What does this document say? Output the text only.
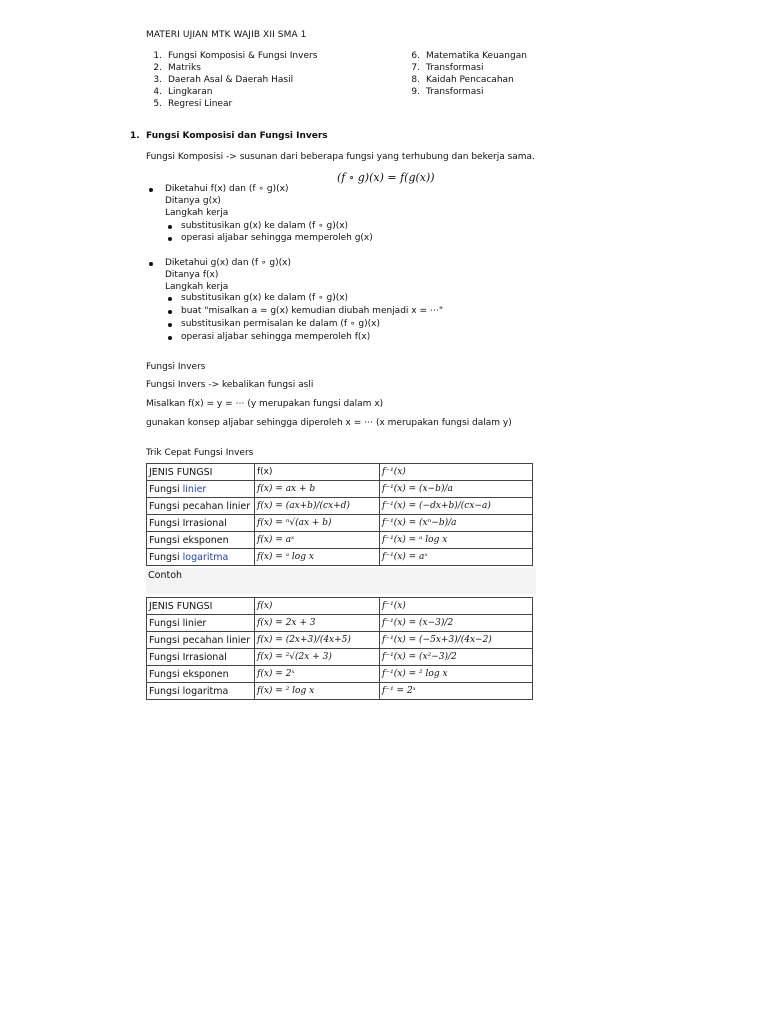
MATERI UJIAN MTK WAJIB XII SMA 1
1. Fungsi Komposisi & Fungsi Invers
2. Matriks
3. Daerah Asal & Daerah Hasil
4. Lingkaran
5. Regresi Linear
6. Matematika Keuangan
7. Transformasi
8. Kaidah Pencacahan
9. Transformasi
1. Fungsi Komposisi dan Fungsi Invers
Fungsi Komposisi -> susunan dari beberapa fungsi yang terhubung dan bekerja sama.
(f ∘ g)(x) = f(g(x))
Diketahui f(x) dan (f ∘ g)(x)
Ditanya g(x)
Langkah kerja
substitusikan g(x) ke dalam (f ∘ g)(x)
operasi aljabar sehingga memperoleh g(x)
Diketahui g(x) dan (f ∘ g)(x)
Ditanya f(x)
Langkah kerja
substitusikan g(x) ke dalam (f ∘ g)(x)
buat "misalkan a = g(x) kemudian diubah menjadi x = ⋯"
substitusikan permisalan ke dalam (f ∘ g)(x)
operasi aljabar sehingga memperoleh f(x)
Fungsi Invers
Fungsi Invers -> kebalikan fungsi asli
Misalkan f(x) = y = ⋯ (y merupakan fungsi dalam x)
gunakan konsep aljabar sehingga diperoleh x = ⋯ (x merupakan fungsi dalam y)
Trik Cepat Fungsi Invers
JENIS FUNGSI	f(x)	f⁻¹(x)
Fungsi linier	f(x) = ax + b	f⁻¹(x) = (x−b)/a
Fungsi pecahan linier	f(x) = (ax+b)/(cx+d)	f⁻¹(x) = (−dx+b)/(cx−a)
Fungsi Irrasional	f(x) = ⁿ√(ax + b)	f⁻¹(x) = (xⁿ−b)/a
Fungsi eksponen	f(x) = aˣ	f⁻¹(x) = ᵃ log x
Fungsi logaritma	f(x) = ᵃ log x	f⁻¹(x) = aˣ
Contoh
JENIS FUNGSI	f(x)	f⁻¹(x)
Fungsi linier	f(x) = 2x + 3	f⁻¹(x) = (x−3)/2
Fungsi pecahan linier	f(x) = (2x+3)/(4x+5)	f⁻¹(x) = (−5x+3)/(4x−2)
Fungsi Irrasional	f(x) = ²√(2x + 3)	f⁻¹(x) = (x²−3)/2
Fungsi eksponen	f(x) = 2ˣ	f⁻¹(x) = ² log x
Fungsi logaritma	f(x) = ² log x	f⁻¹ = 2ˣ
